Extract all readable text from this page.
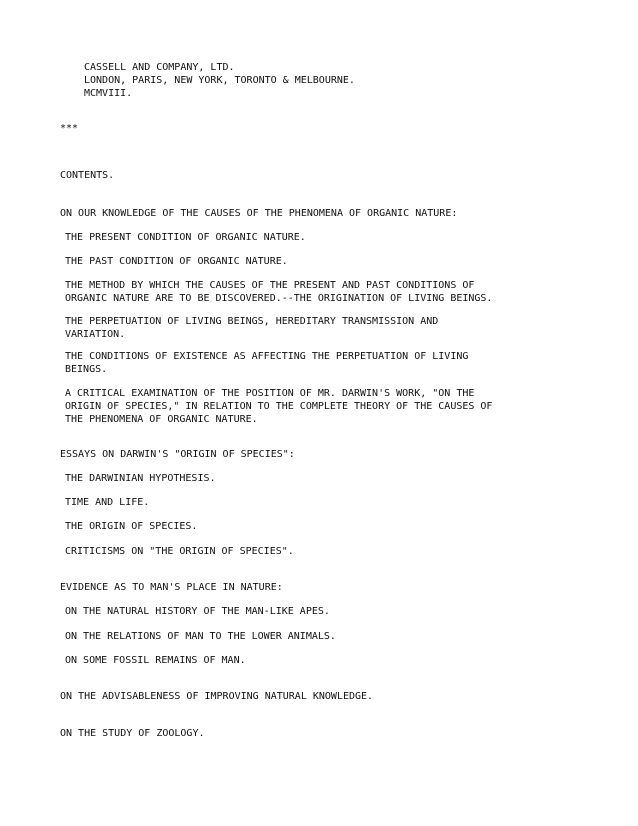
CASSELL AND COMPANY, LTD.

LONDON, PARIS, NEW YORK, TORONTO & MELBOURNE.

MCMVIII.

***

CONTENTS.

ON OUR KNOWLEDGE OF THE CAUSES OF THE PHENOMENA OF ORGANIC NATURE:

THE PRESENT CONDITION OF ORGANIC NATURE.

THE PAST CONDITION OF ORGANIC NATURE.

THE METHOD BY WHICH THE CAUSES OF THE PRESENT AND PAST CONDITIONS OF

ORGANIC NATURE ARE TO BE DISCOVERED.--THE ORIGINATION OF LIVING BEINGS.

THE PERPETUATION OF LIVING BEINGS, HEREDITARY TRANSMISSION AND

VARIATION.

THE CONDITIONS OF EXISTENCE AS AFFECTING THE PERPETUATION OF LIVING

BEINGS.

A CRITICAL EXAMINATION OF THE POSITION OF MR. DARWIN'S WORK, "ON THE

ORIGIN OF SPECIES," IN RELATION TO THE COMPLETE THEORY OF THE CAUSES OF

THE PHENOMENA OF ORGANIC NATURE.

ESSAYS ON DARWIN'S "ORIGIN OF SPECIES":

THE DARWINIAN HYPOTHESIS.

TIME AND LIFE.

THE ORIGIN OF SPECIES.

CRITICISMS ON "THE ORIGIN OF SPECIES".

EVIDENCE AS TO MAN'S PLACE IN NATURE:

ON THE NATURAL HISTORY OF THE MAN-LIKE APES.

ON THE RELATIONS OF MAN TO THE LOWER ANIMALS.

ON SOME FOSSIL REMAINS OF MAN.

ON THE ADVISABLENESS OF IMPROVING NATURAL KNOWLEDGE.

ON THE STUDY OF ZOOLOGY.
